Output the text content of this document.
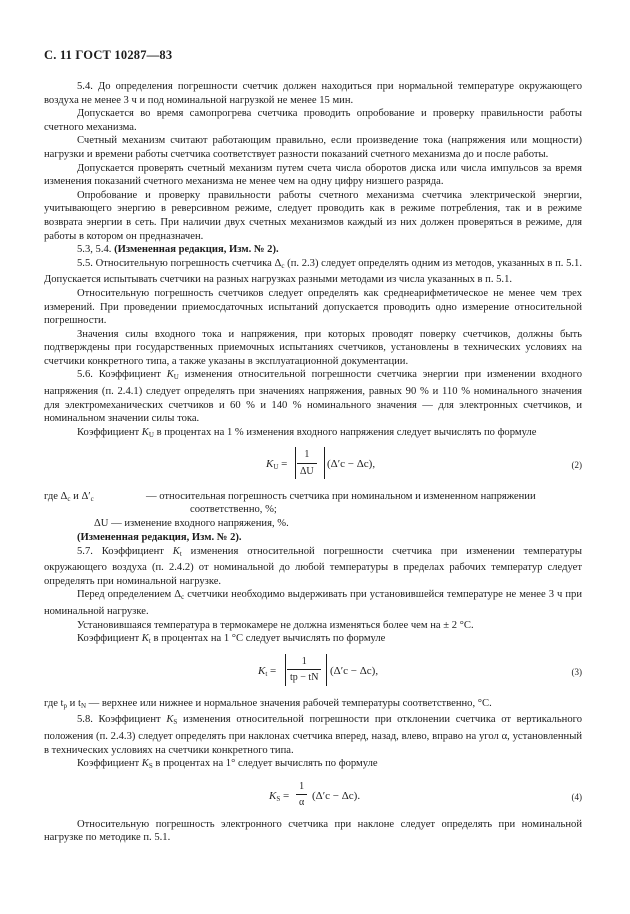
С. 11 ГОСТ 10287—83

5.4. До определения погрешности счетчик должен находиться при нормальной температуре окружающего воздуха не менее 3 ч и под номинальной нагрузкой не менее 15 мин.

Допускается во время самопрогрева счетчика проводить опробование и проверку правильности работы счетного механизма.

Счетный механизм считают работающим правильно, если произведение тока (напряжения или мощности) нагрузки и времени работы счетчика соответствует разности показаний счетного механизма до и после работы.

Допускается проверять счетный механизм путем счета числа оборотов диска или числа импульсов за время изменения показаний счетного механизма не менее чем на одну цифру низшего разряда.

Опробование и проверку правильности работы счетного механизма счетчика электрической энергии, учитывающего энергию в реверсивном режиме, следует проводить как в режиме потребления, так и в режиме возврата энергии в сеть. При наличии двух счетных механизмов каждый из них должен проверяться в режиме, для работы в котором он предназначен.

5.3, 5.4. (Измененная редакция, Изм. № 2).

5.5. Относительную погрешность счетчика $\Delta_c$ (п. 2.3) следует определять одним из методов, указанных в п. 5.1. Допускается испытывать счетчики на разных нагрузках разными методами из числа указанных в п. 5.1.

Относительную погрешность счетчиков следует определять как среднеарифметическое не менее чем трех измерений. При проведении приемосдаточных испытаний допускается проводить одно измерение относительной погрешности.

Значения силы входного тока и напряжения, при которых проводят поверку счетчиков, должны быть подтверждены при государственных приемочных испытаниях счетчиков, установлены в технических условиях на счетчики конкретного типа, а также указаны в эксплуатационной документации.

5.6. Коэффициент $K_U$ изменения относительной погрешности счетчика энергии при изменении входного напряжения (п. 2.4.1) следует определять при значениях напряжения, равных 90 % и 110 % номинального значения для электромеханических счетчиков и 60 % и 140 % номинального значения — для электронных счетчиков, и номинальном значении силы тока.

Коэффициент $K_U$ в процентах на 1 % изменения входного напряжения следует вычислять по формуле

$K_U = \frac{1}{\Delta U} (\Delta'c - \Delta c)$,	(2)
где $\Delta_c$ и $\Delta'_c$	— относительная погрешность счетчика при номинальном и измененном напряжении
соответственно, %;

ΔU — изменение входного напряжения, %.

(Измененная редакция, Изм. № 2).

5.7. Коэффициент $K_t$ изменения относительной погрешности счетчика при изменении температуры окружающего воздуха (п. 2.4.2) от номинальной до любой температуры в пределах рабочих температур следует определять при номинальной нагрузке.

Перед определением $\Delta_c$ счетчики необходимо выдерживать при установившейся температуре не менее 3 ч при номинальной нагрузке.

Установившаяся температура в термокамере не должна изменяться более чем на ± 2 °С.

Коэффициент $K_t$ в процентах на 1 °С следует вычислять по формуле

$K_t$ =
1
tр − tN
(Δ′c − Δc),	(3)

где $t_р$ и $t_N$ — верхнее или нижнее и нормальное значения рабочей температуры соответственно, °С.

5.8. Коэффициент $K_S$ изменения относительной погрешности при отклонении счетчика от вертикального положения (п. 2.4.3) следует определять при наклонах счетчика вперед, назад, влево, вправо на угол α, установленный в технических условиях на счетчики конкретного типа.

Коэффициент $K_S$ в процентах на 1° следует вычислять по формуле

$K_S = \frac{1}{\alpha} (\Delta'c - \Delta c)$.	(4)

Относительную погрешность электронного счетчика при наклоне следует определять при номинальной нагрузке по методике п. 5.1.
